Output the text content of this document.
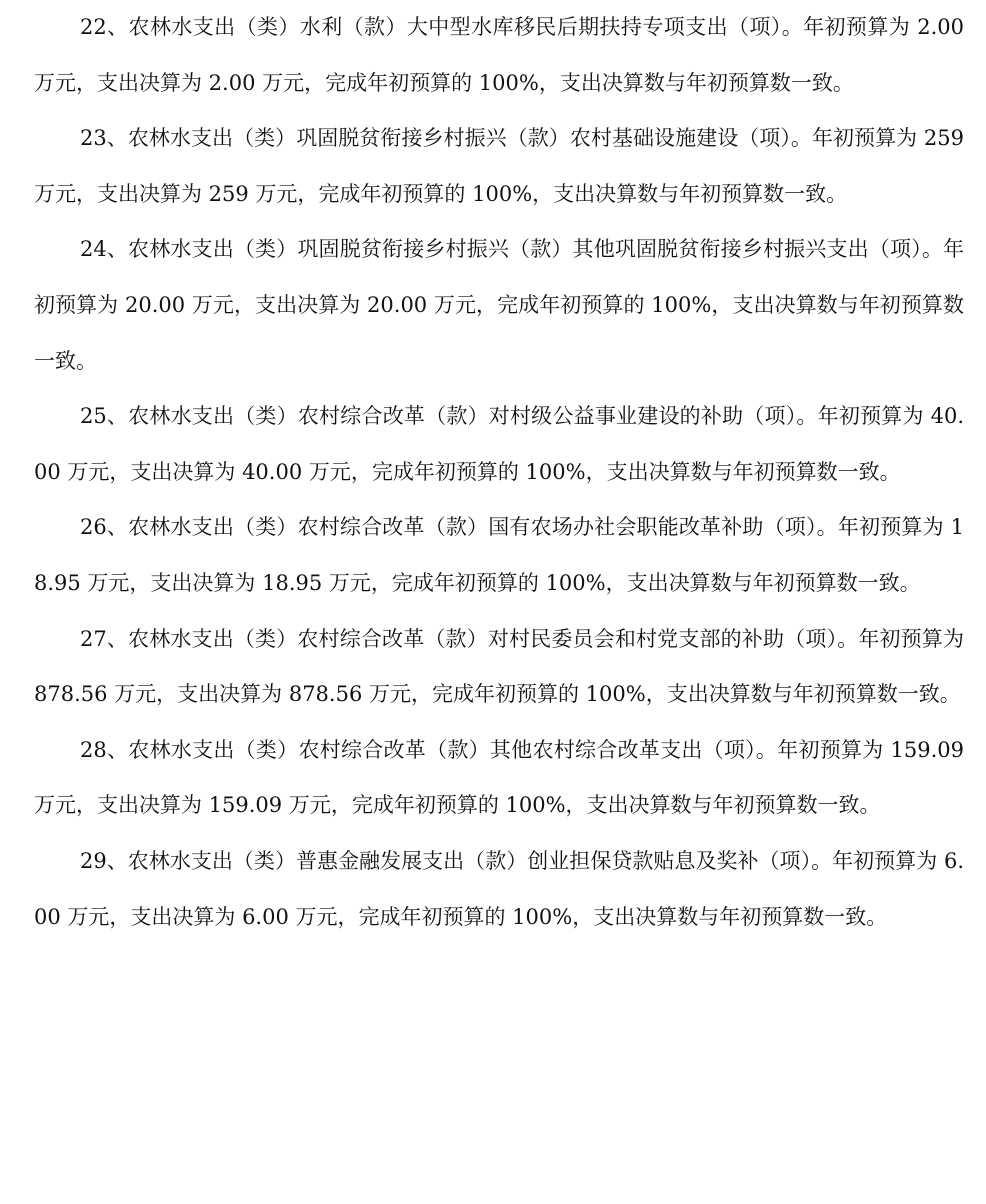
22、农林水支出（类）水利（款）大中型水库移民后期扶持专项支出（项）。年初预算为 2.00 万元，支出决算为 2.00 万元，完成年初预算的 100%，支出决算数与年初预算数一致。

23、农林水支出（类）巩固脱贫衔接乡村振兴（款）农村基础设施建设（项）。年初预算为 259 万元，支出决算为 259 万元，完成年初预算的 100%，支出决算数与年初预算数一致。

24、农林水支出（类）巩固脱贫衔接乡村振兴（款）其他巩固脱贫衔接乡村振兴支出（项）。年初预算为 20.00 万元，支出决算为 20.00 万元，完成年初预算的 100%，支出决算数与年初预算数一致。

25、农林水支出（类）农村综合改革（款）对村级公益事业建设的补助（项）。年初预算为 40.00 万元，支出决算为 40.00 万元，完成年初预算的 100%，支出决算数与年初预算数一致。

26、农林水支出（类）农村综合改革（款）国有农场办社会职能改革补助（项）。年初预算为 18.95 万元，支出决算为 18.95 万元，完成年初预算的 100%，支出决算数与年初预算数一致。

27、农林水支出（类）农村综合改革（款）对村民委员会和村党支部的补助（项）。年初预算为 878.56 万元，支出决算为 878.56 万元，完成年初预算的 100%，支出决算数与年初预算数一致。

28、农林水支出（类）农村综合改革（款）其他农村综合改革支出（项）。年初预算为 159.09 万元，支出决算为 159.09 万元，完成年初预算的 100%，支出决算数与年初预算数一致。

29、农林水支出（类）普惠金融发展支出（款）创业担保贷款贴息及奖补（项）。年初预算为 6.00 万元，支出决算为 6.00 万元，完成年初预算的 100%，支出决算数与年初预算数一致。
